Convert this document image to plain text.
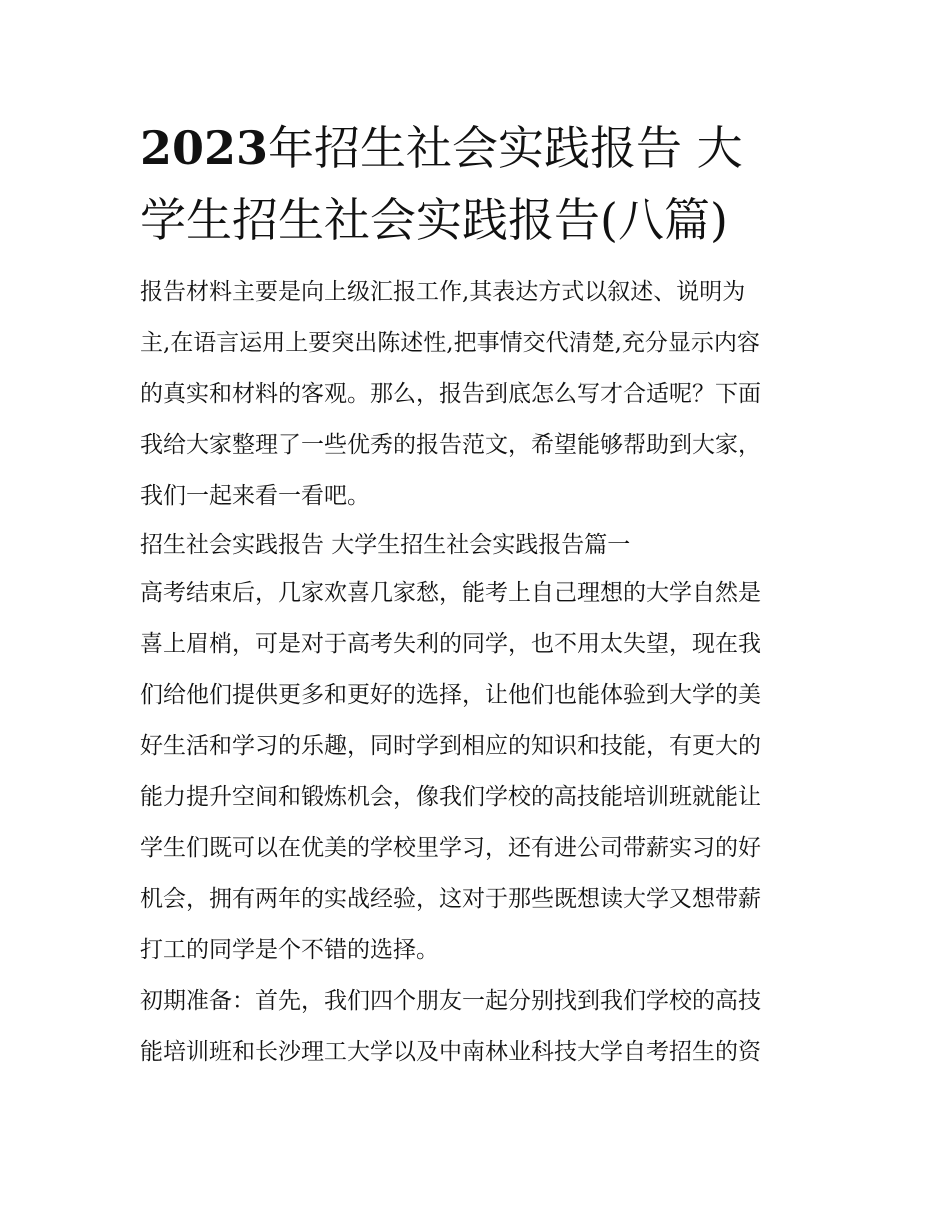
2023年招生社会实践报告 大
学生招生社会实践报告(八篇)

报告材料主要是向上级汇报工作,其表达方式以叙述、说明为
主,在语言运用上要突出陈述性,把事情交代清楚,充分显示内容
的真实和材料的客观。那么，报告到底怎么写才合适呢？下面
我给大家整理了一些优秀的报告范文，希望能够帮助到大家，
我们一起来看一看吧。

招生社会实践报告 大学生招生社会实践报告篇一

高考结束后，几家欢喜几家愁，能考上自己理想的大学自然是
喜上眉梢，可是对于高考失利的同学，也不用太失望，现在我
们给他们提供更多和更好的选择，让他们也能体验到大学的美
好生活和学习的乐趣，同时学到相应的知识和技能，有更大的
能力提升空间和锻炼机会，像我们学校的高技能培训班就能让
学生们既可以在优美的学校里学习，还有进公司带薪实习的好
机会，拥有两年的实战经验，这对于那些既想读大学又想带薪
打工的同学是个不错的选择。

初期准备：首先，我们四个朋友一起分别找到我们学校的高技
能培训班和长沙理工大学以及中南林业科技大学自考招生的资
